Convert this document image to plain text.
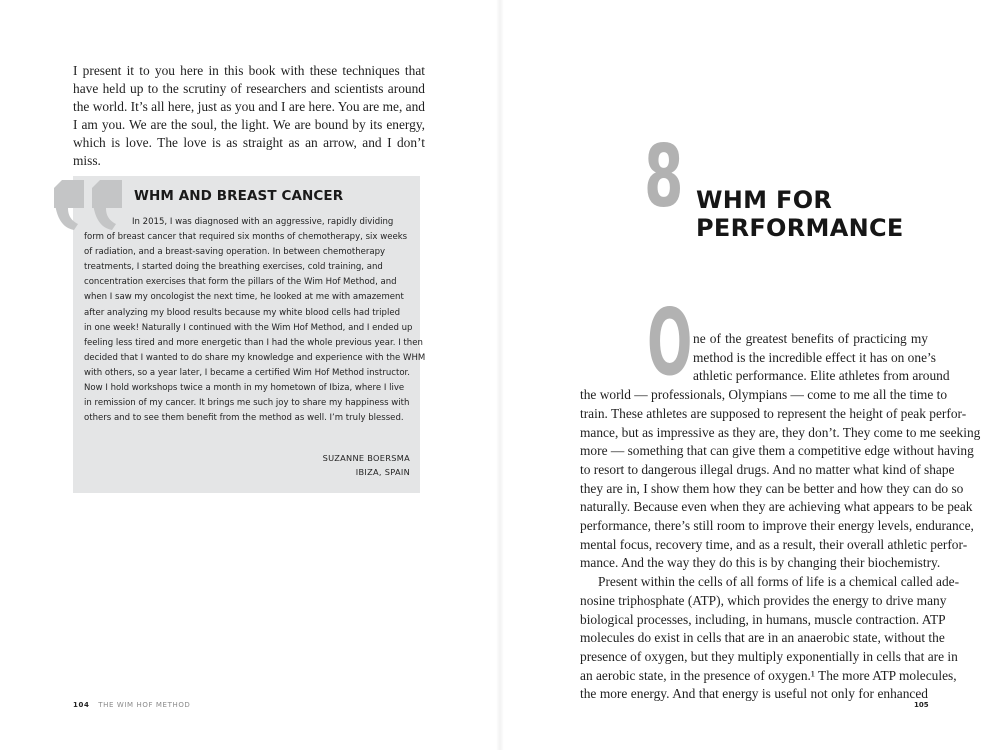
I present it to you here in this book with these techniques that have held up to the scrutiny of researchers and scientists around the world. It’s all here, just as you and I are here. You are me, and I am you. We are the soul, the light. We are bound by its energy, which is love. The love is as straight as an arrow, and I don’t miss.

WHM AND BREAST CANCER
In 2015, I was diagnosed with an aggressive, rapidly dividing
form of breast cancer that required six months of chemotherapy, six weeks
of radiation, and a breast-saving operation. In between chemotherapy
treatments, I started doing the breathing exercises, cold training, and
concentration exercises that form the pillars of the Wim Hof Method, and
when I saw my oncologist the next time, he looked at me with amazement
after analyzing my blood results because my white blood cells had tripled
in one week! Naturally I continued with the Wim Hof Method, and I ended up
feeling less tired and more energetic than I had the whole previous year. I then
decided that I wanted to do share my knowledge and experience with the WHM
with others, so a year later, I became a certified Wim Hof Method instructor.
Now I hold workshops twice a month in my hometown of Ibiza, where I live
in remission of my cancer. It brings me such joy to share my happiness with
others and to see them benefit from the method as well. I’m truly blessed.
SUZANNE BOERSMA
IBIZA, SPAIN
104 THE WIM HOF METHOD
8 WHM FOR
PERFORMANCE
O ne of the greatest benefits of practicing my
method is the incredible effect it has on one’s
athletic performance. Elite athletes from around
the world — professionals, Olympians — come to me all the time to
train. These athletes are supposed to represent the height of peak perfor-
mance, but as impressive as they are, they don’t. They come to me seeking
more — something that can give them a competitive edge without having
to resort to dangerous illegal drugs. And no matter what kind of shape
they are in, I show them how they can be better and how they can do so
naturally. Because even when they are achieving what appears to be peak
performance, there’s still room to improve their energy levels, endurance,
mental focus, recovery time, and as a result, their overall athletic perfor-
mance. And the way they do this is by changing their biochemistry.
Present within the cells of all forms of life is a chemical called ade-
nosine triphosphate (ATP), which provides the energy to drive many
biological processes, including, in humans, muscle contraction. ATP
molecules do exist in cells that are in an anaerobic state, without the
presence of oxygen, but they multiply exponentially in cells that are in
an aerobic state, in the presence of oxygen.¹ The more ATP molecules,
the more energy. And that energy is useful not only for enhanced
105
